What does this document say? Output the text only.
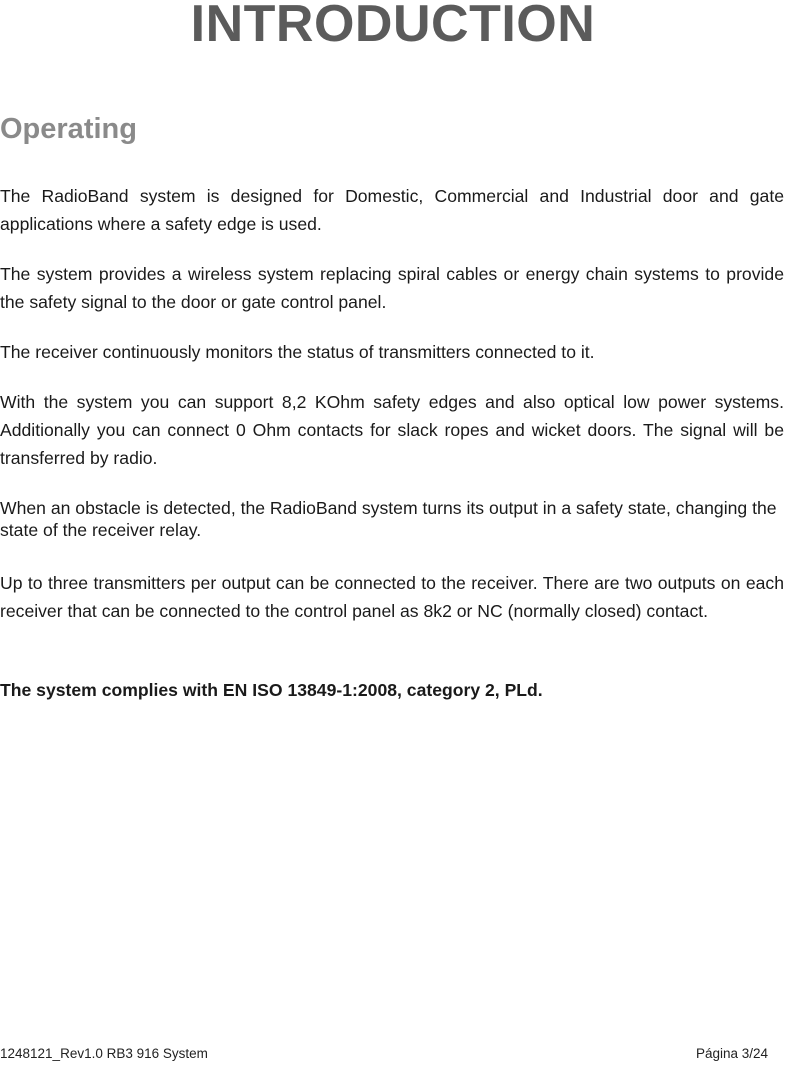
INTRODUCTION
Operating

The RadioBand system is designed for Domestic, Commercial and Industrial door and gate applications where a safety edge is used.

The system provides a wireless system replacing spiral cables or energy chain systems to provide the safety signal to the door or gate control panel.

The receiver continuously monitors the status of transmitters connected to it.

With the system you can support 8,2 KOhm safety edges and also optical low power systems. Additionally you can connect 0 Ohm contacts for slack ropes and wicket doors. The signal will be transferred by radio.

When an obstacle is detected, the RadioBand system turns its output in a safety state, changing the state of the receiver relay.

Up to three transmitters per output can be connected to the receiver. There are two outputs on each receiver that can be connected to the control panel as 8k2 or NC (normally closed) contact.

The system complies with EN ISO 13849-1:2008, category 2, PLd.

1248121_Rev1.0 RB3 916 System	Página 3/24
